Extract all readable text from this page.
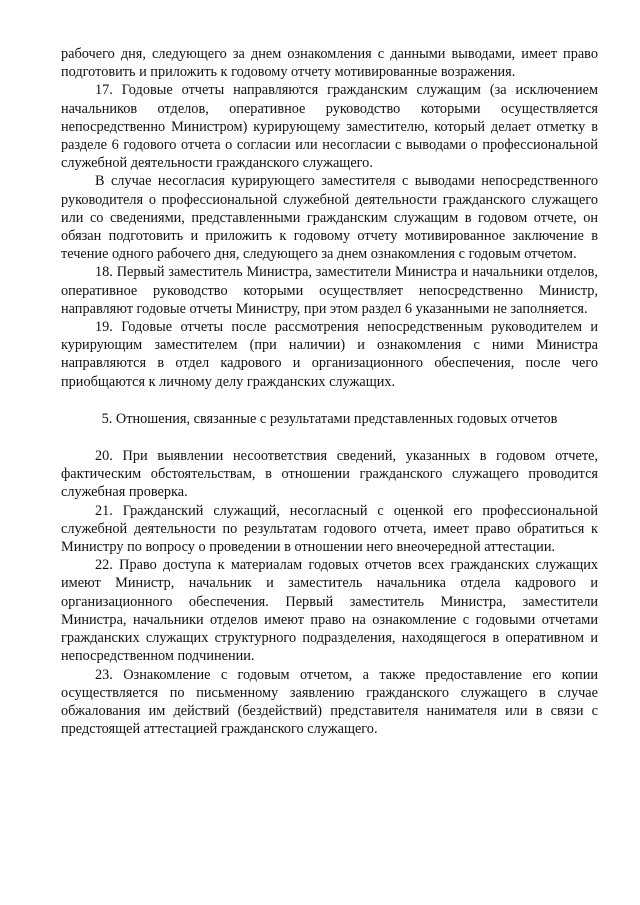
рабочего дня, следующего за днем ознакомления с данными выводами, имеет право подготовить и приложить к годовому отчету мотивированные возражения.

17. Годовые отчеты направляются гражданским служащим (за исключением начальников отделов, оперативное руководство которыми осуществляется непосредственно Министром) курирующему заместителю, который делает отметку в разделе 6 годового отчета о согласии или несогласии с выводами о профессиональной служебной деятельности гражданского служащего.

В случае несогласия курирующего заместителя с выводами непосредственного руководителя о профессиональной служебной деятельности гражданского служащего или со сведениями, представленными гражданским служащим в годовом отчете, он обязан подготовить и приложить к годовому отчету мотивированное заключение в течение одного рабочего дня, следующего за днем ознакомления с годовым отчетом.

18. Первый заместитель Министра, заместители Министра и начальники отделов, оперативное руководство которыми осуществляет непосредственно Министр, направляют годовые отчеты Министру, при этом раздел 6 указанными не заполняется.

19. Годовые отчеты после рассмотрения непосредственным руководителем и курирующим заместителем (при наличии) и ознакомления с ними Министра направляются в отдел кадрового и организационного обеспечения, после чего приобщаются к личному делу гражданских служащих.

5. Отношения, связанные с результатами представленных годовых отчетов

20. При выявлении несоответствия сведений, указанных в годовом отчете, фактическим обстоятельствам, в отношении гражданского служащего проводится служебная проверка.

21. Гражданский служащий, несогласный с оценкой его профессиональной служебной деятельности по результатам годового отчета, имеет право обратиться к Министру по вопросу о проведении в отношении него внеочередной аттестации.

22. Право доступа к материалам годовых отчетов всех гражданских служащих имеют Министр, начальник и заместитель начальника отдела кадрового и организационного обеспечения. Первый заместитель Министра, заместители Министра, начальники отделов имеют право на ознакомление с годовыми отчетами гражданских служащих структурного подразделения, находящегося в оперативном и непосредственном подчинении.

23. Ознакомление с годовым отчетом, а также предоставление его копии осуществляется по письменному заявлению гражданского служащего в случае обжалования им действий (бездействий) представителя нанимателя или в связи с предстоящей аттестацией гражданского служащего.
